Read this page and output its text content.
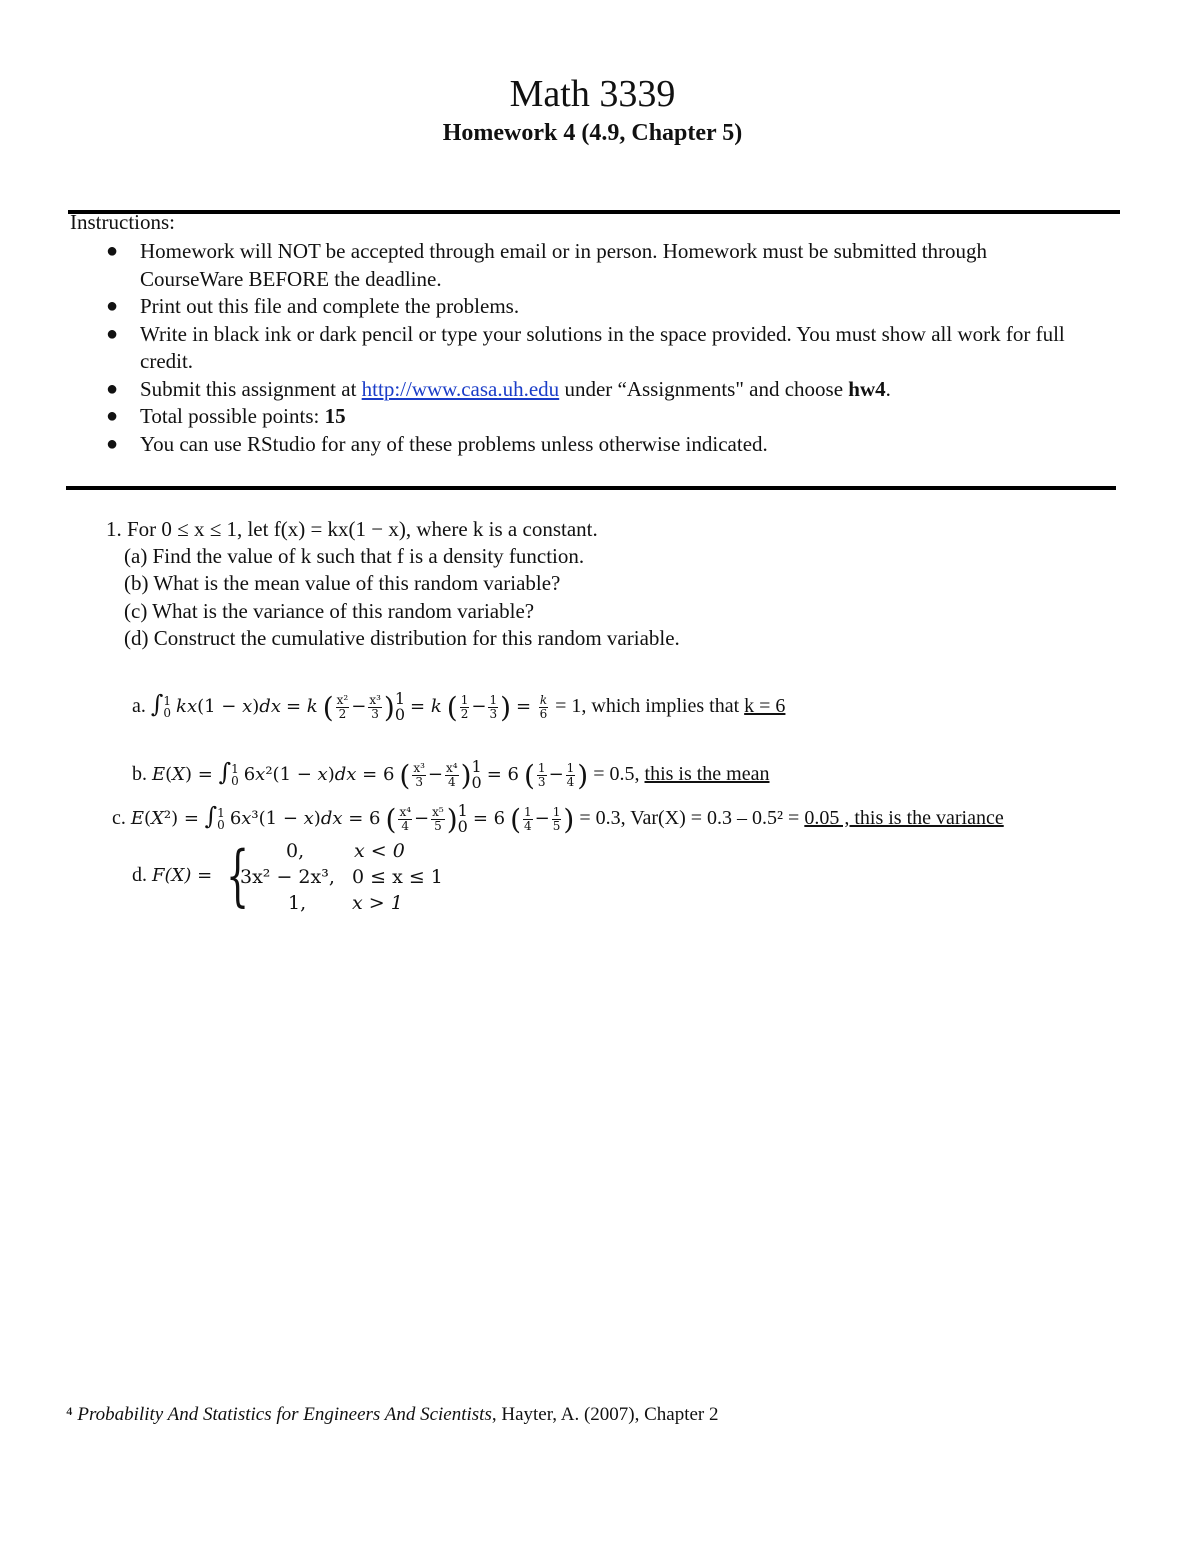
Math 3339
Homework 4 (4.9, Chapter 5)
Instructions:
● Homework will NOT be accepted through email or in person. Homework must be submitted through CourseWare BEFORE the deadline.
● Print out this file and complete the problems.
● Write in black ink or dark pencil or type your solutions in the space provided. You must show all work for full credit.
● Submit this assignment at http://www.casa.uh.edu under “Assignments" and choose hw4.
● Total possible points: 15
● You can use RStudio for any of these problems unless otherwise indicated.
1. For 0 ≤ x ≤ 1, let f(x) = kx(1 − x), where k is a constant.
(a) Find the value of k such that f is a density function.
(b) What is the mean value of this random variable?
(c) What is the variance of this random variable?
(d) Construct the cumulative distribution for this random variable.
a. ∫ 1
0 kx(1 − x)dx = k ( $\frac{\text{x²}}{2} - \frac{\text{x³}}{3}$ ) 1
0 = k ( $\frac{1}{2} - \frac{1}{3}$ ) = $\frac{k}{6} = 1$, which implies that k = 6
b. E(X) = ∫ 1
0 6x²(1 − x)dx = 6 ( $\frac{\text{x³}}{3} - \frac{\text{x⁴}}{4}$ ) 1
0 = 6 ( $\frac{1}{3} - \frac{1}{4}$ ) = 0.5, this is the mean
c. E(X²) = ∫ 1
0 6x³(1 − x)dx = 6 ( $\frac{\text{x⁴}}{4} - \frac{\text{x⁵}}{5}$ ) 1
0 = 6 ( $\frac{1}{4} - \frac{1}{5}$ ) = 0.3, Var(X) = 0.3 – 0.5² = 0.05 , this is the variance
d. F(X) = { 0,	x < 0
3x² − 2x³, 0 ≤ x ≤ 1
1, x > 1
⁴ Probability And Statistics for Engineers And Scientists, Hayter, A. (2007), Chapter 2
